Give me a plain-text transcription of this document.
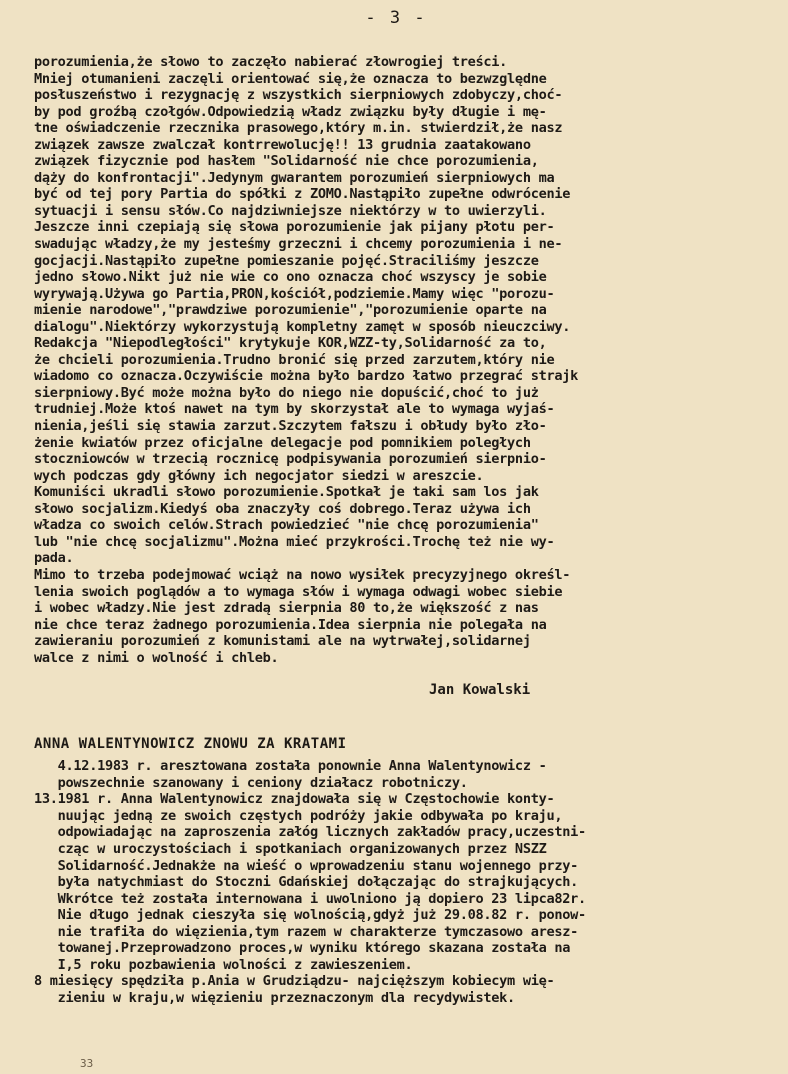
- 3 -

porozumienia,że słowo to zaczęło nabierać złowrogiej treści.

Mniej otumanieni zaczęli orientować się,że oznacza to bezwzględne

posłuszeństwo i rezygnację z wszystkich sierpniowych zdobyczy,choć-

by pod groźbą czołgów.Odpowiedzią władz związku były długie i mę-

tne oświadczenie rzecznika prasowego,który m.in. stwierdził,że nasz

związek zawsze zwalczał kontrrewolucję!! 13 grudnia zaatakowano

związek fizycznie pod hasłem "Solidarność nie chce porozumienia,

dąży do konfrontacji".Jedynym gwarantem porozumień sierpniowych ma

być od tej pory Partia do spółki z ZOMO.Nastąpiło zupełne odwrócenie

sytuacji i sensu słów.Co najdziwniejsze niektórzy w to uwierzyli.

Jeszcze inni czepiają się słowa porozumienie jak pijany płotu per-

swadując władzy,że my jesteśmy grzeczni i chcemy porozumienia i ne-

gocjacji.Nastąpiło zupełne pomieszanie pojęć.Straciliśmy jeszcze

jedno słowo.Nikt już nie wie co ono oznacza choć wszyscy je sobie

wyrywają.Używa go Partia,PRON,kościół,podziemie.Mamy więc "porozu-

mienie narodowe","prawdziwe porozumienie","porozumienie oparte na

dialogu".Niektórzy wykorzystują kompletny zamęt w sposób nieuczciwy.

Redakcja "Niepodległości" krytykuje KOR,WZZ-ty,Solidarność za to,

że chcieli porozumienia.Trudno bronić się przed zarzutem,który nie

wiadomo co oznacza.Oczywiście można było bardzo łatwo przegrać strajk

sierpniowy.Być może można było do niego nie dopuścić,choć to już

trudniej.Może ktoś nawet na tym by skorzystał ale to wymaga wyjaś-

nienia,jeśli się stawia zarzut.Szczytem fałszu i obłudy było zło-

żenie kwiatów przez oficjalne delegacje pod pomnikiem poległych

stoczniowców w trzecią rocznicę podpisywania porozumień sierpnio-

wych podczas gdy główny ich negocjator siedzi w areszcie.

Komuniści ukradli słowo porozumienie.Spotkał je taki sam los jak

słowo socjalizm.Kiedyś oba znaczyły coś dobrego.Teraz używa ich

władza co swoich celów.Strach powiedzieć "nie chcę porozumienia"

lub "nie chcę socjalizmu".Można mieć przykrości.Trochę też nie wy-

pada.

Mimo to trzeba podejmować wciąż na nowo wysiłek precyzyjnego określ-

lenia swoich poglądów a to wymaga słów i wymaga odwagi wobec siebie

i wobec władzy.Nie jest zdradą sierpnia 80 to,że większość z nas

nie chce teraz żadnego porozumienia.Idea sierpnia nie polegała na

zawieraniu porozumień z komunistami ale na wytrwałej,solidarnej

walce z nimi o wolność i chleb.

Jan Kowalski
ANNA WALENTYNOWICZ ZNOWU ZA KRATAMI

4.12.1983 r. aresztowana została ponownie Anna Walentynowicz -

powszechnie szanowany i ceniony działacz robotniczy.

13.1981 r. Anna Walentynowicz znajdowała się w Częstochowie konty-

nuując jedną ze swoich częstych podróży jakie odbywała po kraju,

odpowiadając na zaproszenia załóg licznych zakładów pracy,uczestni-

cząc w uroczystościach i spotkaniach organizowanych przez NSZZ

Solidarność.Jednakże na wieść o wprowadzeniu stanu wojennego przy-

była natychmiast do Stoczni Gdańskiej dołączając do strajkujących.

Wkrótce też została internowana i uwolniono ją dopiero 23 lipca82r.

Nie długo jednak cieszyła się wolnością,gdyż już 29.08.82 r. ponow-

nie trafiła do więzienia,tym razem w charakterze tymczasowo aresz-

towanej.Przeprowadzono proces,w wyniku którego skazana została na

I,5 roku pozbawienia wolności z zawieszeniem.

8 miesięcy spędziła p.Ania w Grudziądzu- najcięższym kobiecym wię-

zieniu w kraju,w więzieniu przeznaczonym dla recydywistek.

33
